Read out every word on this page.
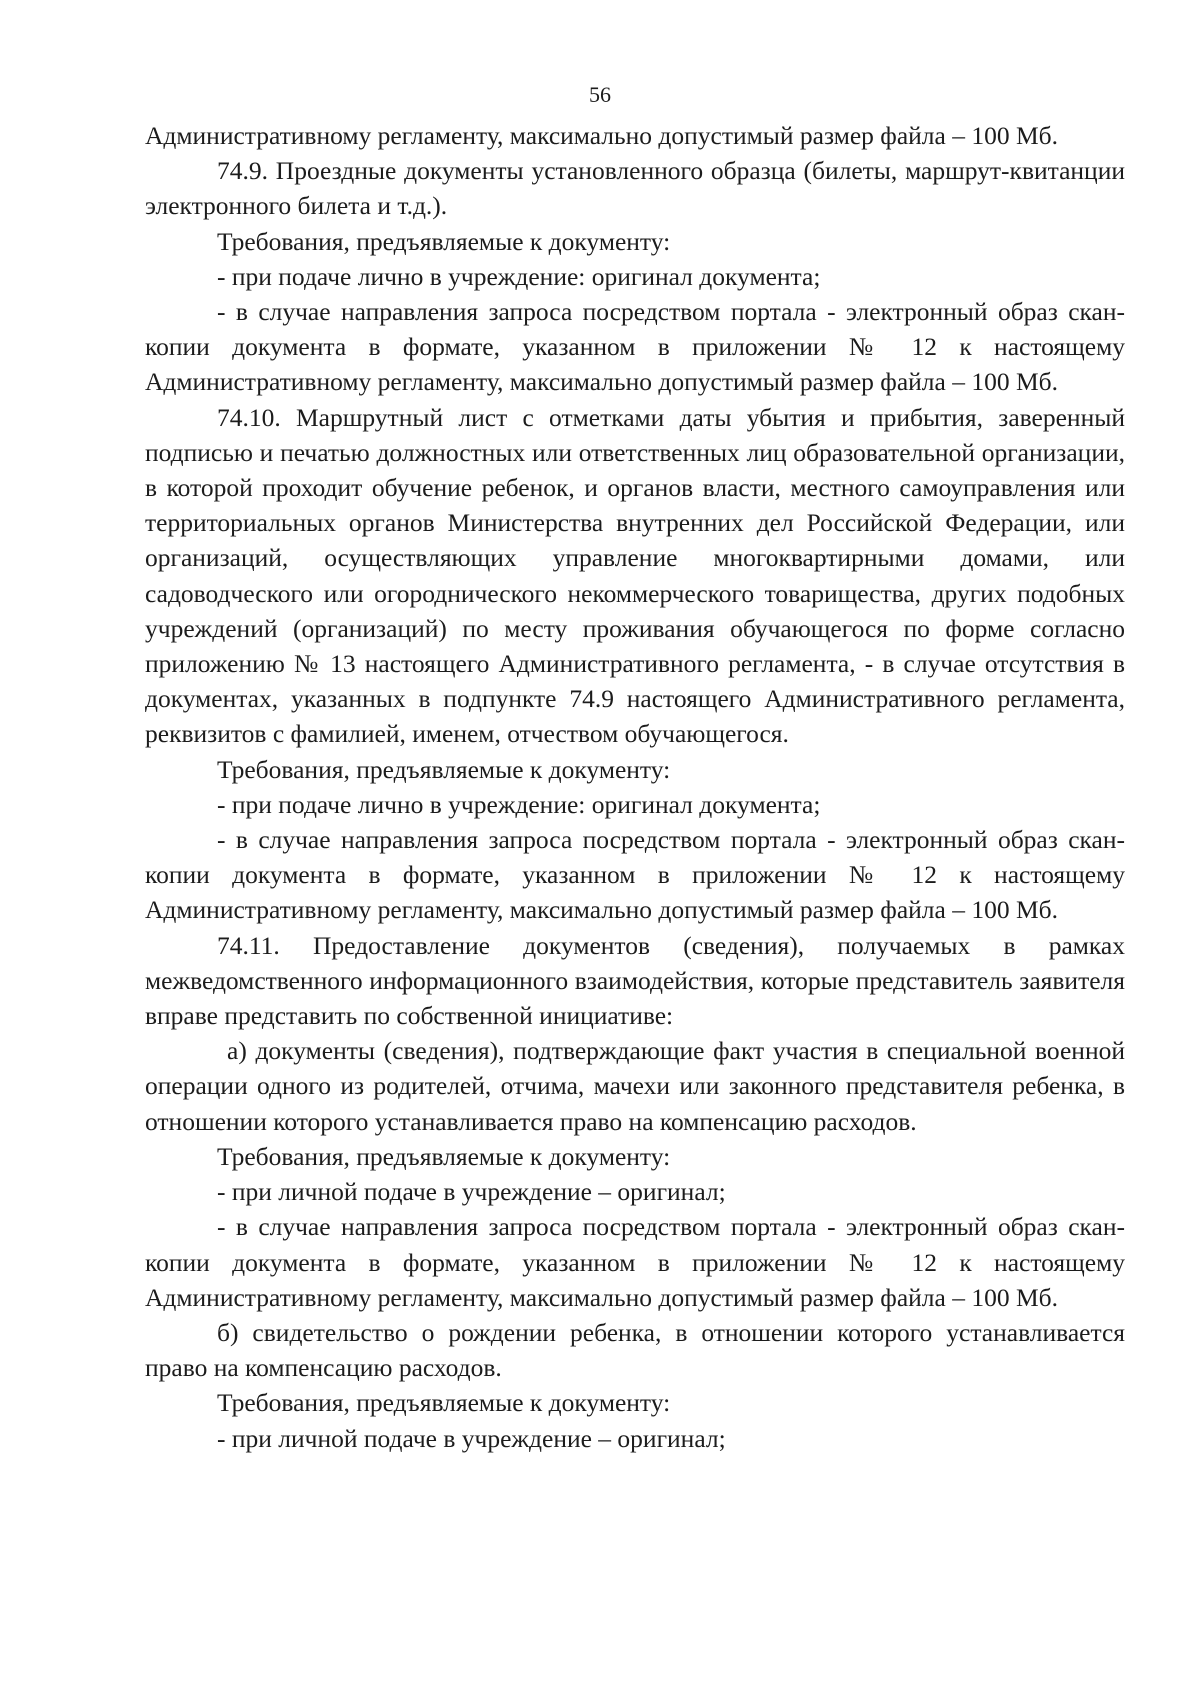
56

Административному регламенту, максимально допустимый размер файла – 100 Мб.

74.9. Проездные документы установленного образца (билеты, маршрут-квитанции электронного билета и т.д.).

Требования, предъявляемые к документу:

- при подаче лично в учреждение: оригинал документа;

- в случае направления запроса посредством портала - электронный образ скан-копии документа в формате, указанном в приложении № 12 к настоящему Административному регламенту, максимально допустимый размер файла – 100 Мб.

74.10. Маршрутный лист с отметками даты убытия и прибытия, заверенный подписью и печатью должностных или ответственных лиц образовательной организации, в которой проходит обучение ребенок, и органов власти, местного самоуправления или территориальных органов Министерства внутренних дел Российской Федерации, или организаций, осуществляющих управление многоквартирными домами, или садоводческого или огороднического некоммерческого товарищества, других подобных учреждений (организаций) по месту проживания обучающегося по форме согласно приложению № 13 настоящего Административного регламента, - в случае отсутствия в документах, указанных в подпункте 74.9 настоящего Административного регламента, реквизитов с фамилией, именем, отчеством обучающегося.

Требования, предъявляемые к документу:

- при подаче лично в учреждение: оригинал документа;

- в случае направления запроса посредством портала - электронный образ скан-копии документа в формате, указанном в приложении № 12 к настоящему Административному регламенту, максимально допустимый размер файла – 100 Мб.

74.11. Предоставление документов (сведения), получаемых в рамках межведомственного информационного взаимодействия, которые представитель заявителя вправе представить по собственной инициативе:

а) документы (сведения), подтверждающие факт участия в специальной военной операции одного из родителей, отчима, мачехи или законного представителя ребенка, в отношении которого устанавливается право на компенсацию расходов.

Требования, предъявляемые к документу:

- при личной подаче в учреждение – оригинал;

- в случае направления запроса посредством портала - электронный образ скан-копии документа в формате, указанном в приложении № 12 к настоящему Административному регламенту, максимально допустимый размер файла – 100 Мб.

б) свидетельство о рождении ребенка, в отношении которого устанавливается право на компенсацию расходов.

Требования, предъявляемые к документу:

- при личной подаче в учреждение – оригинал;
